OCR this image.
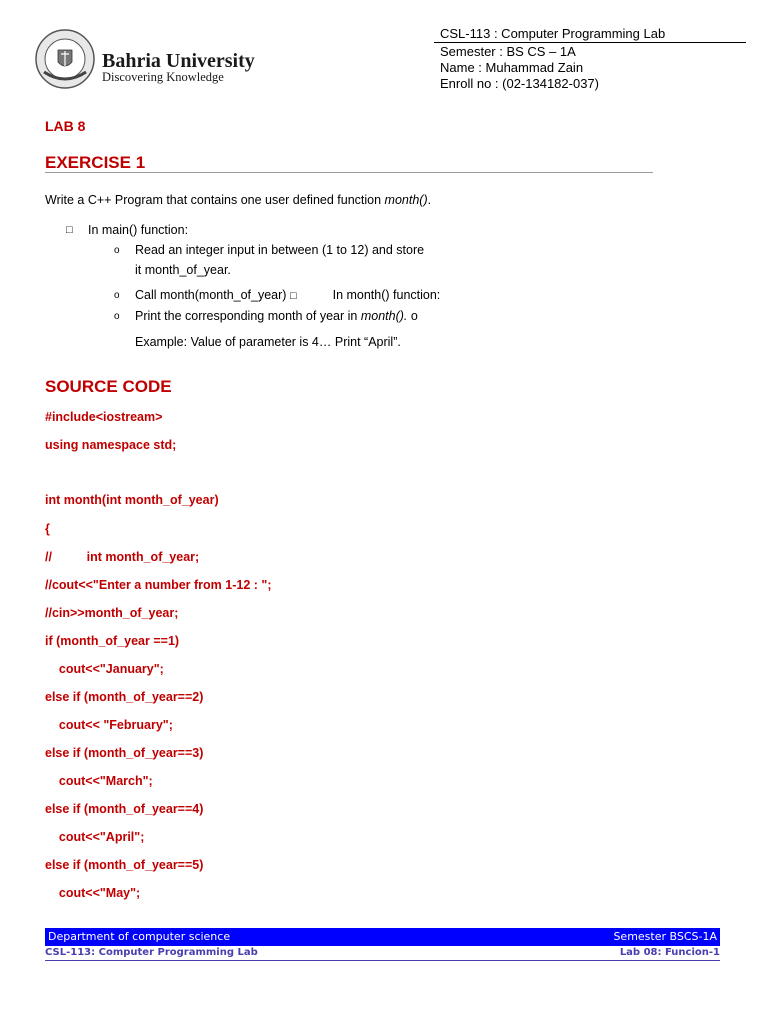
Bahria University
Discovering Knowledge
CSL-113 : Computer Programming Lab
Semester : BS CS – 1A
Name : Muhammad Zain
Enroll no : (02-134182-037)
LAB 8
EXERCISE 1
Write a C++ Program that contains one user defined function month().
□ In main() function:
o Read an integer input in between (1 to 12) and store
it month_of_year.
o Call month(month_of_year) □	In month() function:
o Print the corresponding month of year in month(). o
Example: Value of parameter is 4… Print “April”.
SOURCE CODE
#include<iostream>
using namespace std;
int month(int month_of_year)
{
//          int month_of_year;
//cout<<"Enter a number from 1-12 : ";
//cin>>month_of_year;
if (month_of_year ==1)
cout<<"January";
else if (month_of_year==2)
cout<< "February";
else if (month_of_year==3)
cout<<"March";
else if (month_of_year==4)
cout<<"April";
else if (month_of_year==5)
cout<<"May";
Department of computer science	Semester BSCS-1A
CSL-113: Computer Programming Lab	Lab 08: Funcion-1
